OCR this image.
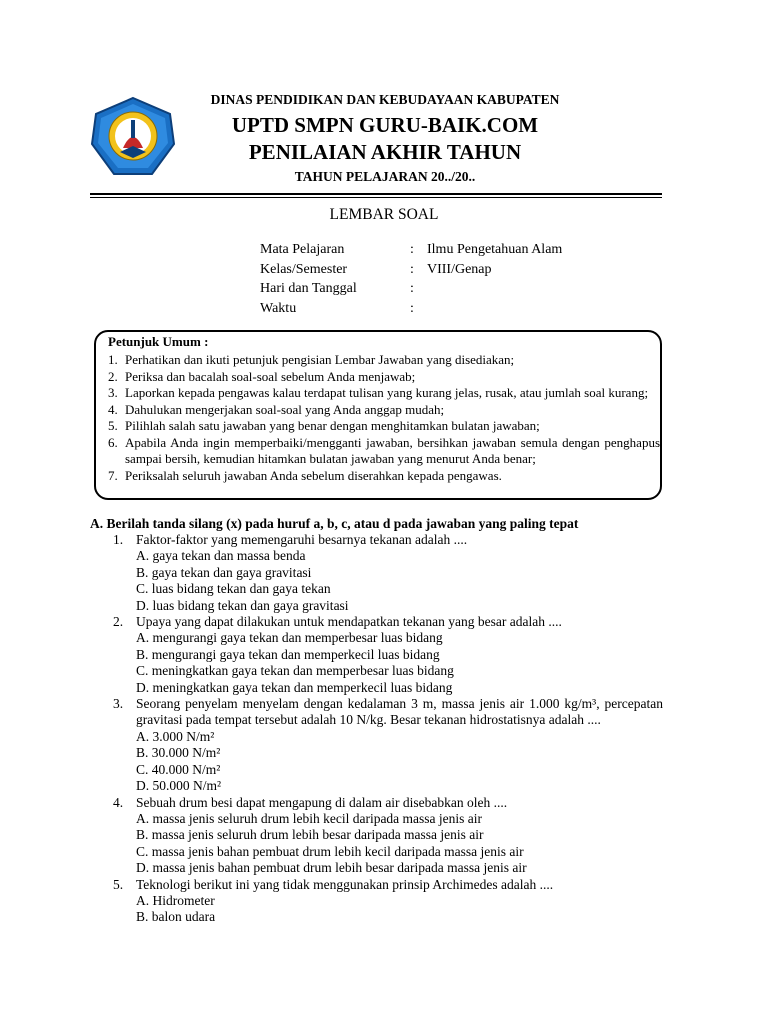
DINAS PENDIDIKAN DAN KEBUDAYAAN KABUPATEN
UPTD SMPN GURU-BAIK.COM
PENILAIAN AKHIR TAHUN
TAHUN PELAJARAN 20../20..
LEMBAR SOAL
Mata Pelajaran	: Ilmu Pengetahuan Alam
Kelas/Semester	: VIII/Genap
Hari dan Tanggal	:
Waktu	:
Petunjuk Umum :
1. Perhatikan dan ikuti petunjuk pengisian Lembar Jawaban yang disediakan;
2. Periksa dan bacalah soal-soal sebelum Anda menjawab;
3. Laporkan kepada pengawas kalau terdapat tulisan yang kurang jelas, rusak, atau jumlah soal kurang;
4. Dahulukan mengerjakan soal-soal yang Anda anggap mudah;
5. Pilihlah salah satu jawaban yang benar dengan menghitamkan bulatan jawaban;
6. Apabila Anda ingin memperbaiki/mengganti jawaban, bersihkan jawaban semula dengan penghapus sampai bersih, kemudian hitamkan bulatan jawaban yang menurut Anda benar;
7. Periksalah seluruh jawaban Anda sebelum diserahkan kepada pengawas.
A. Berilah tanda silang (x) pada huruf a, b, c, atau d pada jawaban yang paling tepat
1. Faktor-faktor yang memengaruhi besarnya tekanan adalah ....
A. gaya tekan dan massa benda
B. gaya tekan dan gaya gravitasi
C. luas bidang tekan dan gaya tekan
D. luas bidang tekan dan gaya gravitasi
2. Upaya yang dapat dilakukan untuk mendapatkan tekanan yang besar adalah ....
A. mengurangi gaya tekan dan memperbesar luas bidang
B. mengurangi gaya tekan dan memperkecil luas bidang
C. meningkatkan gaya tekan dan memperbesar luas bidang
D. meningkatkan gaya tekan dan memperkecil luas bidang
3. Seorang penyelam menyelam dengan kedalaman 3 m, massa jenis air 1.000 kg/m³, percepatan gravitasi pada tempat tersebut adalah 10 N/kg. Besar tekanan hidrostatisnya adalah ....
A. 3.000 N/m²
B. 30.000 N/m²
C. 40.000 N/m²
D. 50.000 N/m²
4. Sebuah drum besi dapat mengapung di dalam air disebabkan oleh ....
A. massa jenis seluruh drum lebih kecil daripada massa jenis air
B. massa jenis seluruh drum lebih besar daripada massa jenis air
C. massa jenis bahan pembuat drum lebih kecil daripada massa jenis air
D. massa jenis bahan pembuat drum lebih besar daripada massa jenis air
5. Teknologi berikut ini yang tidak menggunakan prinsip Archimedes adalah ....
A. Hidrometer
B. balon udara
